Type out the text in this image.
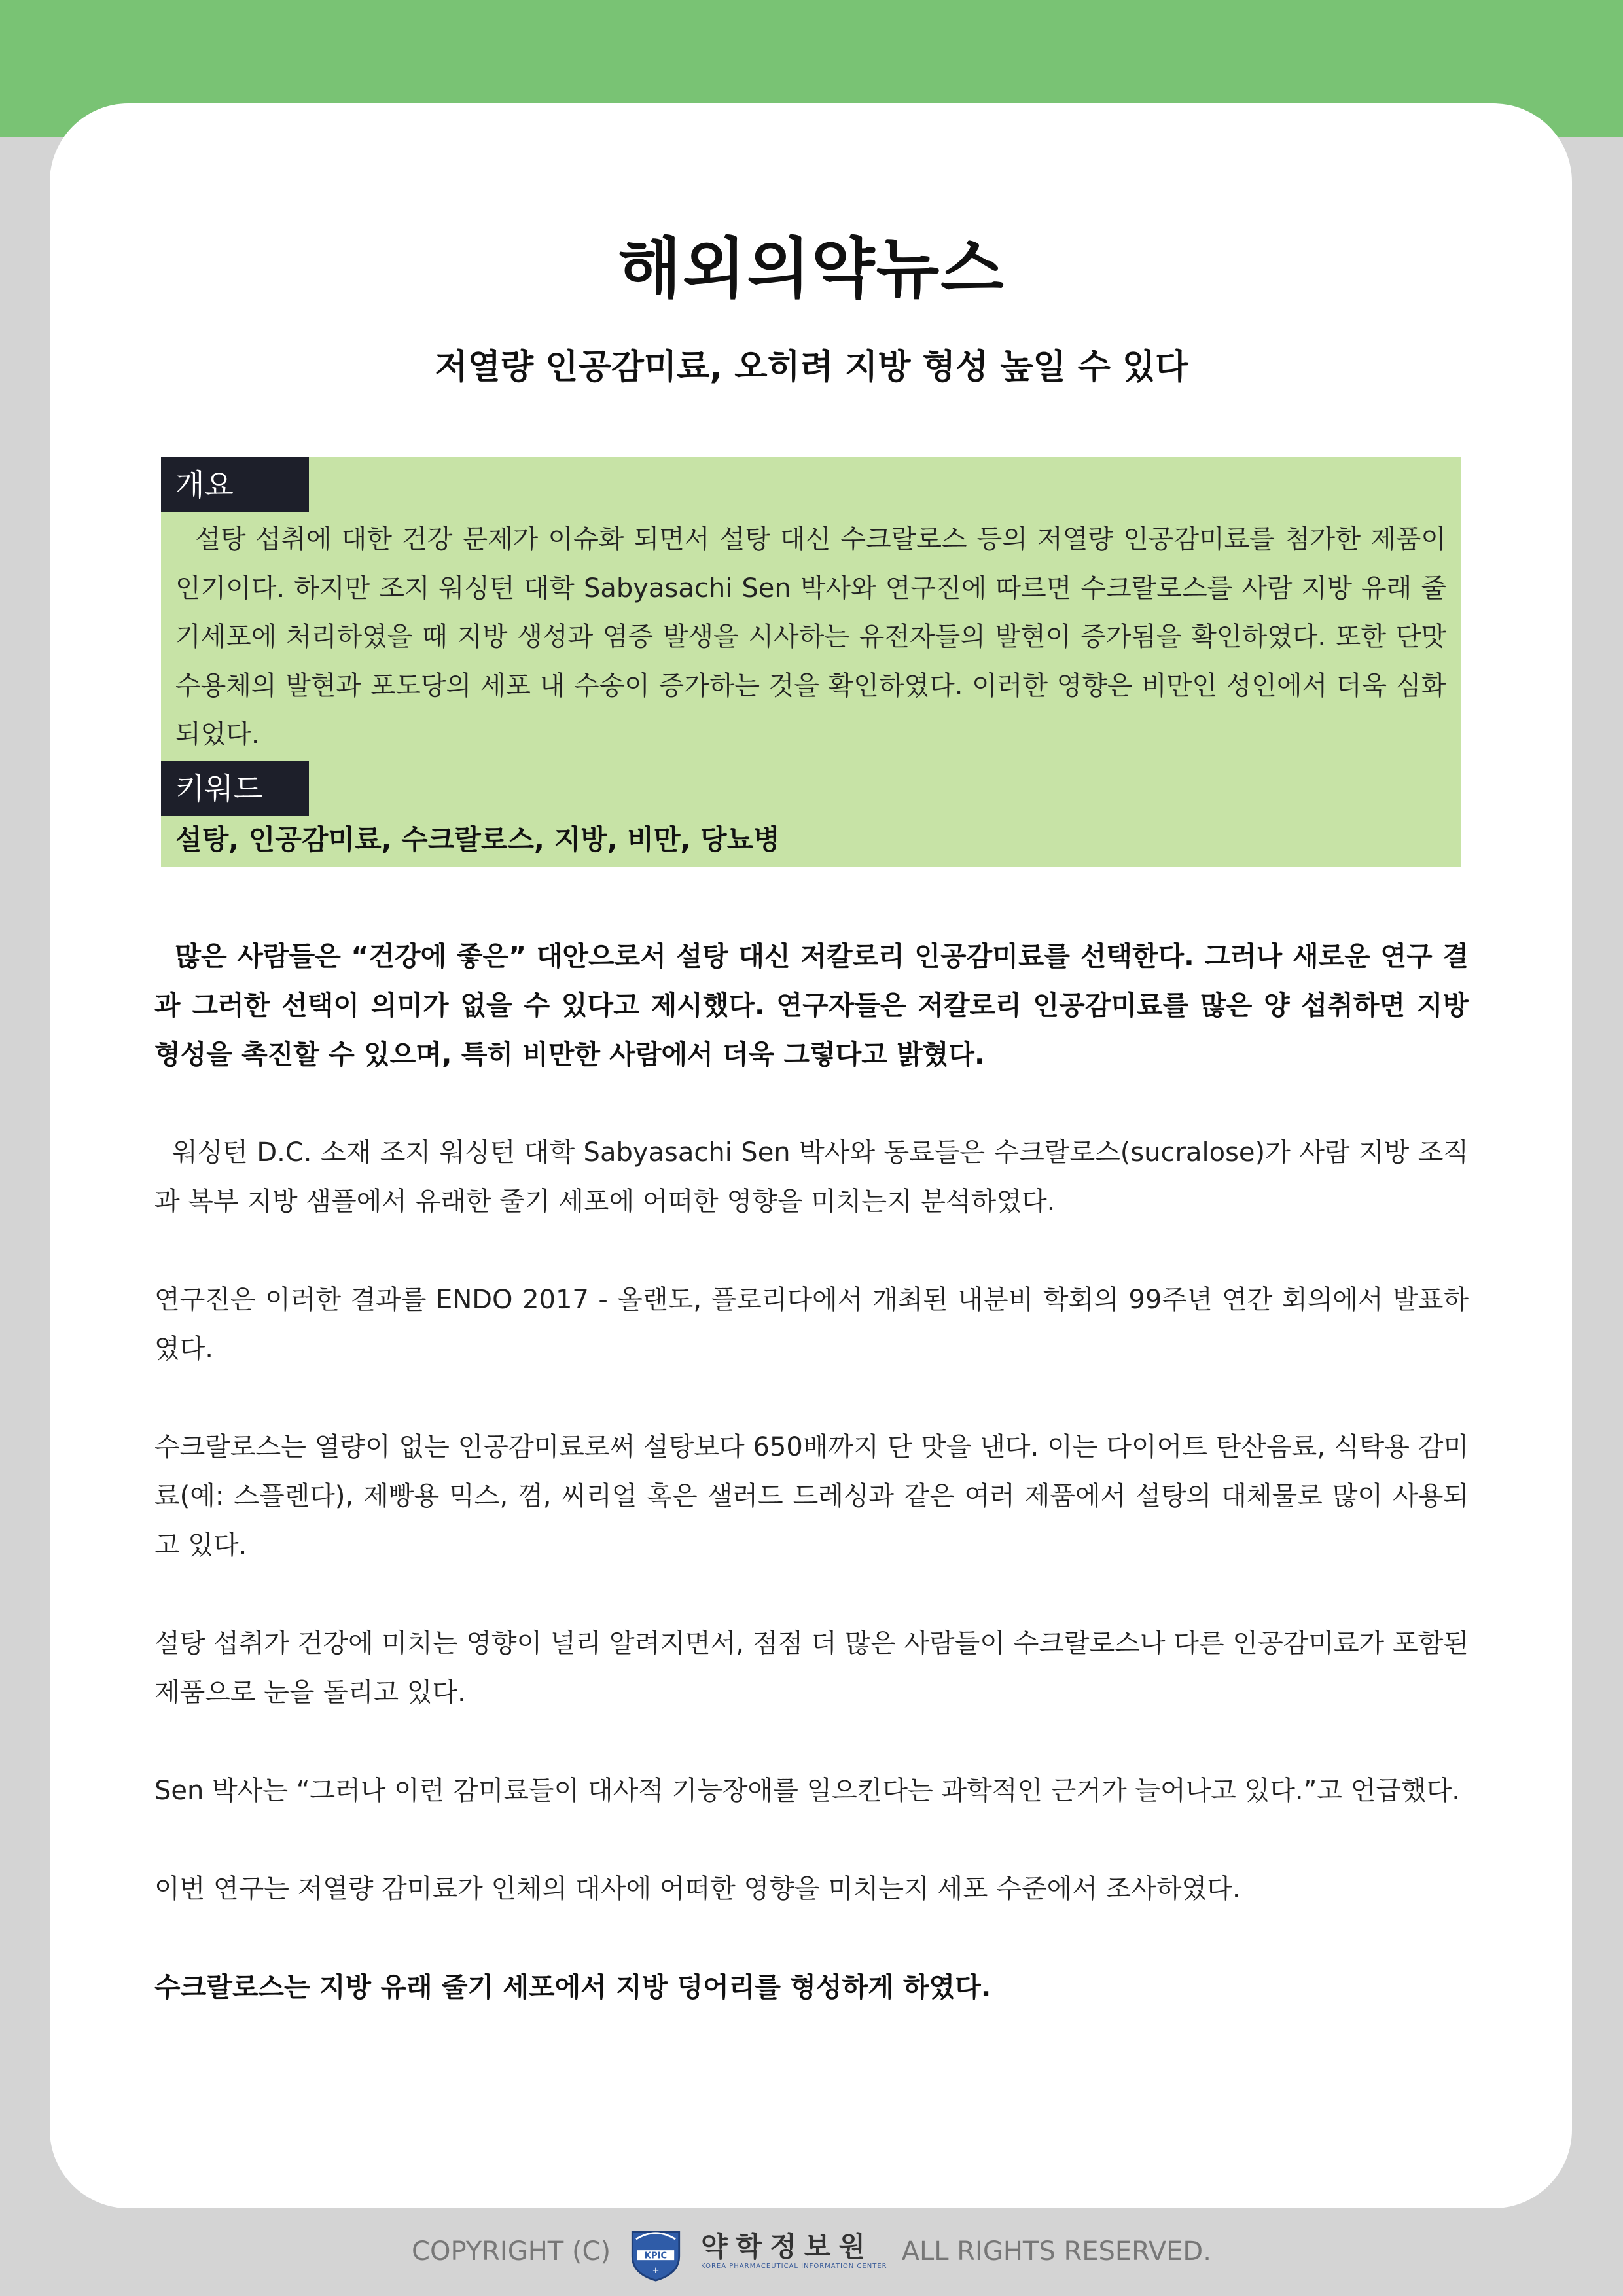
해외의약뉴스
저열량 인공감미료, 오히려 지방 형성 높일 수 있다
개요

설탕 섭취에 대한 건강 문제가 이슈화 되면서 설탕 대신 수크랄로스 등의 저열량 인공감미료를 첨가한 제품이 인기이다. 하지만 조지 워싱턴 대학 Sabyasachi Sen 박사와 연구진에 따르면 수크랄로스를 사람 지방 유래 줄기세포에 처리하였을 때 지방 생성과 염증 발생을 시사하는 유전자들의 발현이 증가됨을 확인하였다. 또한 단맛 수용체의 발현과 포도당의 세포 내 수송이 증가하는 것을 확인하였다. 이러한 영향은 비만인 성인에서 더욱 심화되었다.

키워드

설탕, 인공감미료, 수크랄로스, 지방, 비만, 당뇨병

많은 사람들은 “건강에 좋은” 대안으로서 설탕 대신 저칼로리 인공감미료를 선택한다. 그러나 새로운 연구 결과 그러한 선택이 의미가 없을 수 있다고 제시했다. 연구자들은 저칼로리 인공감미료를 많은 양 섭취하면 지방 형성을 촉진할 수 있으며, 특히 비만한 사람에서 더욱 그렇다고 밝혔다.

워싱턴 D.C. 소재 조지 워싱턴 대학 Sabyasachi Sen 박사와 동료들은 수크랄로스(sucralose)가 사람 지방 조직과 복부 지방 샘플에서 유래한 줄기 세포에 어떠한 영향을 미치는지 분석하였다.

연구진은 이러한 결과를 ENDO 2017 - 올랜도, 플로리다에서 개최된 내분비 학회의 99주년 연간 회의에서 발표하였다.

수크랄로스는 열량이 없는 인공감미료로써 설탕보다 650배까지 단 맛을 낸다. 이는 다이어트 탄산음료, 식탁용 감미료(예: 스플렌다), 제빵용 믹스, 껌, 씨리얼 혹은 샐러드 드레싱과 같은 여러 제품에서 설탕의 대체물로 많이 사용되고 있다.

설탕 섭취가 건강에 미치는 영향이 널리 알려지면서, 점점 더 많은 사람들이 수크랄로스나 다른 인공감미료가 포함된 제품으로 눈을 돌리고 있다.

Sen 박사는 “그러나 이런 감미료들이 대사적 기능장애를 일으킨다는 과학적인 근거가 늘어나고 있다.”고 언급했다.

이번 연구는 저열량 감미료가 인체의 대사에 어떠한 영향을 미치는지 세포 수준에서 조사하였다.

수크랄로스는 지방 유래 줄기 세포에서 지방 덩어리를 형성하게 하였다.

COPYRIGHT (C)	KPIC
+
약학정보원
KOREA PHARMACEUTICAL INFORMATION CENTER ALL RIGHTS RESERVED.
